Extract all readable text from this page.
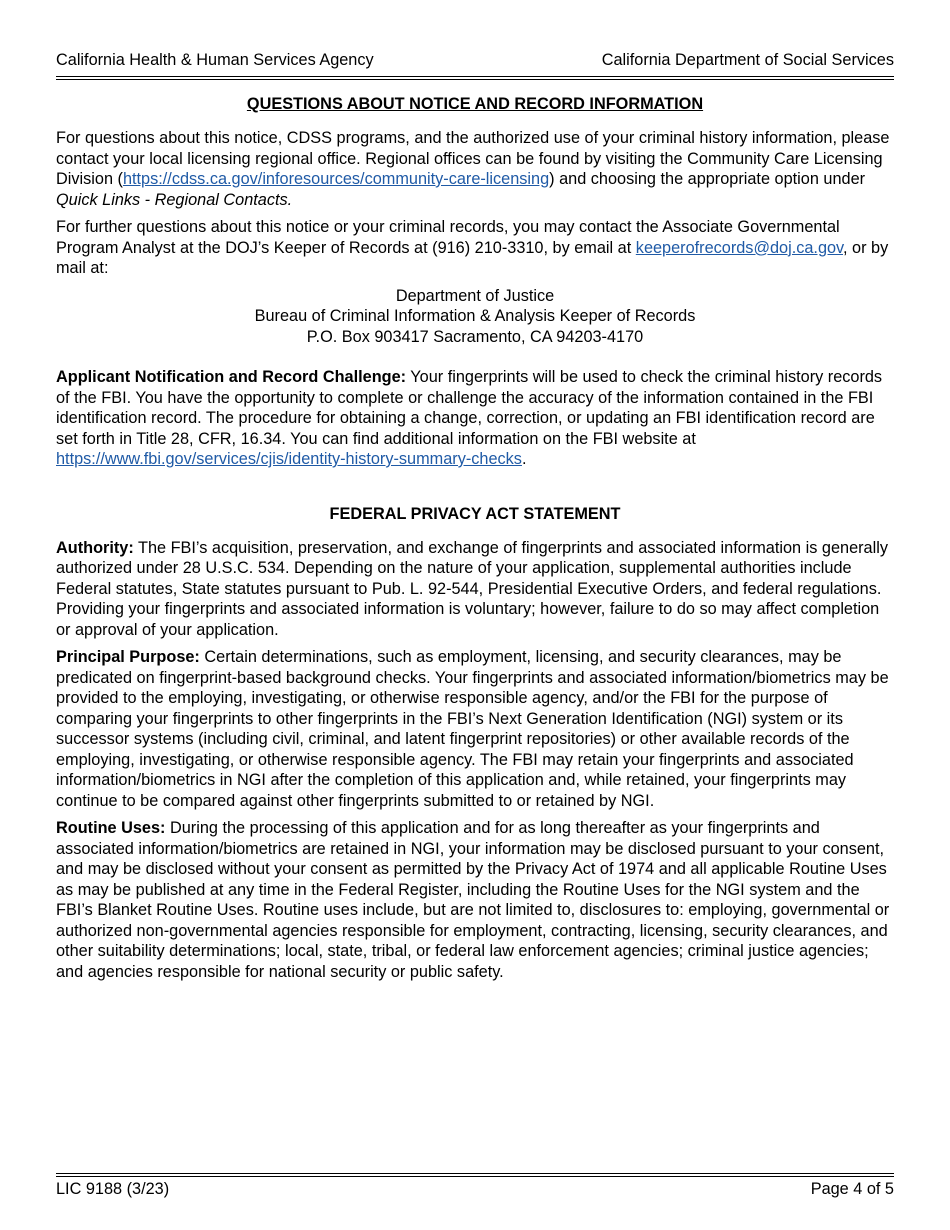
California Health & Human Services Agency	California Department of Social Services
QUESTIONS ABOUT NOTICE AND RECORD INFORMATION

For questions about this notice, CDSS programs, and the authorized use of your criminal history information, please contact your local licensing regional office. Regional offices can be found by visiting the Community Care Licensing Division (https://cdss.ca.gov/inforesources/community-care-licensing) and choosing the appropriate option under Quick Links - Regional Contacts.

For further questions about this notice or your criminal records, you may contact the Associate Governmental Program Analyst at the DOJ’s Keeper of Records at (916) 210-3310, by email at keeperofrecords@doj.ca.gov, or by mail at:

Department of Justice
Bureau of Criminal Information & Analysis Keeper of Records
P.O. Box 903417 Sacramento, CA 94203-4170

Applicant Notification and Record Challenge: Your fingerprints will be used to check the criminal history records of the FBI. You have the opportunity to complete or challenge the accuracy of the information contained in the FBI identification record. The procedure for obtaining a change, correction, or updating an FBI identification record are set forth in Title 28, CFR, 16.34. You can find additional information on the FBI website at https://www.fbi.gov/services/cjis/identity-history-summary-checks.

FEDERAL PRIVACY ACT STATEMENT

Authority: The FBI’s acquisition, preservation, and exchange of fingerprints and associated information is generally authorized under 28 U.S.C. 534. Depending on the nature of your application, supplemental authorities include Federal statutes, State statutes pursuant to Pub. L. 92-544, Presidential Executive Orders, and federal regulations. Providing your fingerprints and associated information is voluntary; however, failure to do so may affect completion or approval of your application.

Principal Purpose: Certain determinations, such as employment, licensing, and security clearances, may be predicated on fingerprint-based background checks. Your fingerprints and associated information/biometrics may be provided to the employing, investigating, or otherwise responsible agency, and/or the FBI for the purpose of comparing your fingerprints to other fingerprints in the FBI’s Next Generation Identification (NGI) system or its successor systems (including civil, criminal, and latent fingerprint repositories) or other available records of the employing, investigating, or otherwise responsible agency. The FBI may retain your fingerprints and associated information/biometrics in NGI after the completion of this application and, while retained, your fingerprints may continue to be compared against other fingerprints submitted to or retained by NGI.

Routine Uses: During the processing of this application and for as long thereafter as your fingerprints and associated information/biometrics are retained in NGI, your information may be disclosed pursuant to your consent, and may be disclosed without your consent as permitted by the Privacy Act of 1974 and all applicable Routine Uses as may be published at any time in the Federal Register, including the Routine Uses for the NGI system and the FBI’s Blanket Routine Uses. Routine uses include, but are not limited to, disclosures to: employing, governmental or authorized non-governmental agencies responsible for employment, contracting, licensing, security clearances, and other suitability determinations; local, state, tribal, or federal law enforcement agencies; criminal justice agencies; and agencies responsible for national security or public safety.

LIC 9188 (3/23)	Page 4 of 5
